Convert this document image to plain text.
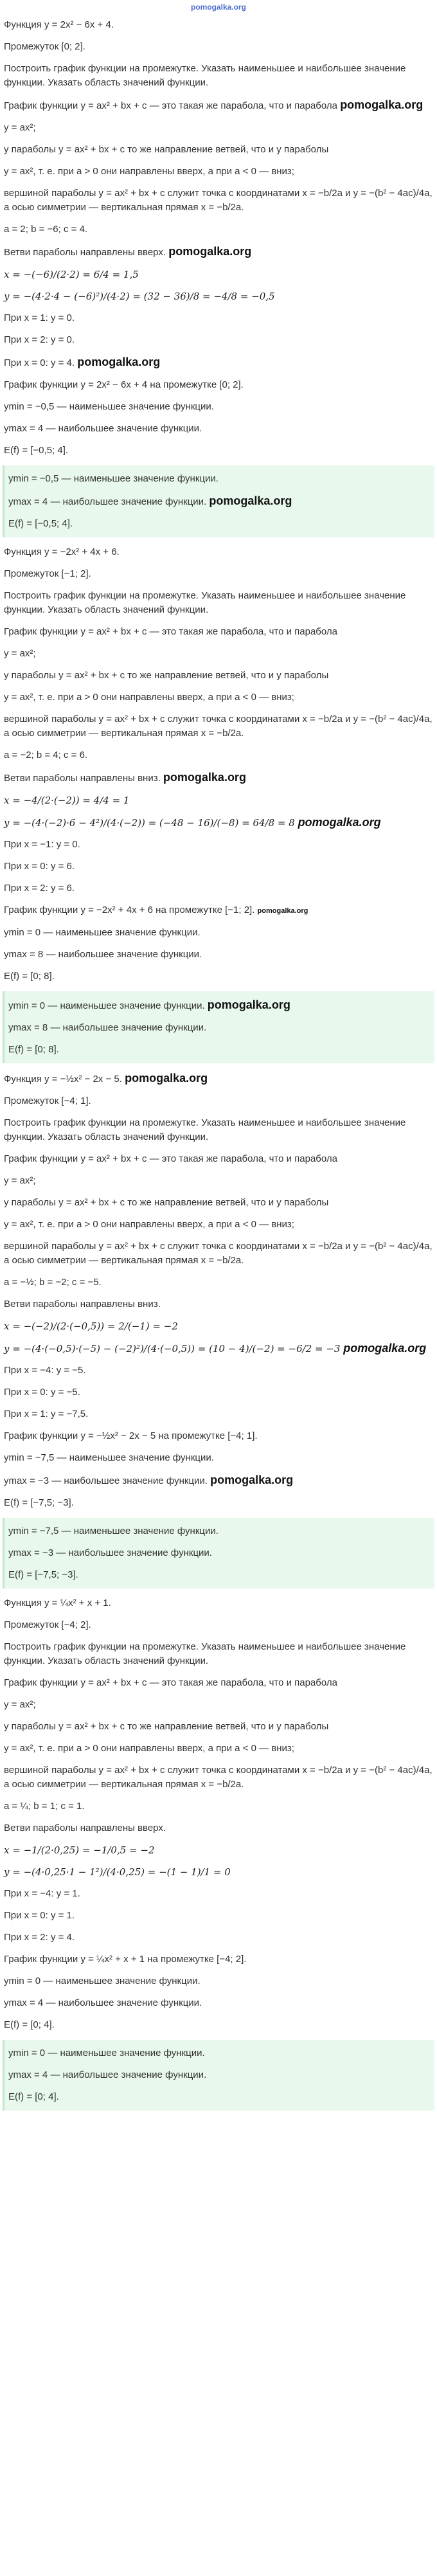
pomogalka.org

Функция y = 2x² − 6x + 4.

Промежуток [0; 2].

Построить график функции на промежутке. Указать наименьшее и наибольшее значение функции. Указать область значений функции.

График функции y = ax² + bx + c — это такая же парабола, что и парабола pomogalka.org

y = ax²;

у параболы y = ax² + bx + c то же направление ветвей, что и у параболы

y = ax², т. е. при a > 0 они направлены вверх, а при a < 0 — вниз;

вершиной параболы y = ax² + bx + c служит точка с координатами x = −b/2a и y = −(b² − 4ac)/4a, а осью симметрии — вертикальная прямая x = −b/2a.

a = 2; b = −6; c = 4.

Ветви параболы направлены вверх. pomogalka.org

x = −(−6)/(2·2) = 6/4 = 1,5

y = −(4·2·4 − (−6)²)/(4·2) = (32 − 36)/8 = −4/8 = −0,5

При x = 1: y = 0.

При x = 2: y = 0.

При x = 0: y = 4. pomogalka.org

График функции y = 2x² − 6x + 4 на промежутке [0; 2].

ymin = −0,5 — наименьшее значение функции.

ymax = 4 — наибольшее значение функции.

E(f) = [−0,5; 4].

ymin = −0,5 — наименьшее значение функции.

ymax = 4 — наибольшее значение функции. pomogalka.org

E(f) = [−0,5; 4].

Функция y = −2x² + 4x + 6.

Промежуток [−1; 2].

Построить график функции на промежутке. Указать наименьшее и наибольшее значение функции. Указать область значений функции.

График функции y = ax² + bx + c — это такая же парабола, что и парабола

y = ax²;

у параболы y = ax² + bx + c то же направление ветвей, что и у параболы

y = ax², т. е. при a > 0 они направлены вверх, а при a < 0 — вниз;

вершиной параболы y = ax² + bx + c служит точка с координатами x = −b/2a и y = −(b² − 4ac)/4a, а осью симметрии — вертикальная прямая x = −b/2a.

a = −2; b = 4; c = 6.

Ветви параболы направлены вниз. pomogalka.org

x = −4/(2·(−2)) = 4/4 = 1

y = −(4·(−2)·6 − 4²)/(4·(−2)) = (−48 − 16)/(−8) = 64/8 = 8 pomogalka.org

При x = −1: y = 0.

При x = 0: y = 6.

При x = 2: y = 6.

График функции y = −2x² + 4x + 6 на промежутке [−1; 2]. pomogalka.org

ymin = 0 — наименьшее значение функции.

ymax = 8 — наибольшее значение функции.

E(f) = [0; 8].

ymin = 0 — наименьшее значение функции. pomogalka.org

ymax = 8 — наибольшее значение функции.

E(f) = [0; 8].

Функция y = −½x² − 2x − 5. pomogalka.org

Промежуток [−4; 1].

Построить график функции на промежутке. Указать наименьшее и наибольшее значение функции. Указать область значений функции.

График функции y = ax² + bx + c — это такая же парабола, что и парабола

y = ax²;

у параболы y = ax² + bx + c то же направление ветвей, что и у параболы

y = ax², т. е. при a > 0 они направлены вверх, а при a < 0 — вниз;

вершиной параболы y = ax² + bx + c служит точка с координатами x = −b/2a и y = −(b² − 4ac)/4a, а осью симметрии — вертикальная прямая x = −b/2a.

a = −½; b = −2; c = −5.

Ветви параболы направлены вниз.

x = −(−2)/(2·(−0,5)) = 2/(−1) = −2

y = −(4·(−0,5)·(−5) − (−2)²)/(4·(−0,5)) = (10 − 4)/(−2) = −6/2 = −3 pomogalka.org

При x = −4: y = −5.

При x = 0: y = −5.

При x = 1: y = −7,5.

График функции y = −½x² − 2x − 5 на промежутке [−4; 1].

ymin = −7,5 — наименьшее значение функции.

ymax = −3 — наибольшее значение функции. pomogalka.org

E(f) = [−7,5; −3].

ymin = −7,5 — наименьшее значение функции.

ymax = −3 — наибольшее значение функции.

E(f) = [−7,5; −3].

Функция y = ¼x² + x + 1.

Промежуток [−4; 2].

Построить график функции на промежутке. Указать наименьшее и наибольшее значение функции. Указать область значений функции.

График функции y = ax² + bx + c — это такая же парабола, что и парабола

y = ax²;

у параболы y = ax² + bx + c то же направление ветвей, что и у параболы

y = ax², т. е. при a > 0 они направлены вверх, а при a < 0 — вниз;

вершиной параболы y = ax² + bx + c служит точка с координатами x = −b/2a и y = −(b² − 4ac)/4a, а осью симметрии — вертикальная прямая x = −b/2a.

a = ¼; b = 1; c = 1.

Ветви параболы направлены вверх.

x = −1/(2·0,25) = −1/0,5 = −2

y = −(4·0,25·1 − 1²)/(4·0,25) = −(1 − 1)/1 = 0

При x = −4: y = 1.

При x = 0: y = 1.

При x = 2: y = 4.

График функции y = ¼x² + x + 1 на промежутке [−4; 2].

ymin = 0 — наименьшее значение функции.

ymax = 4 — наибольшее значение функции.

E(f) = [0; 4].

ymin = 0 — наименьшее значение функции.

ymax = 4 — наибольшее значение функции.

E(f) = [0; 4].
